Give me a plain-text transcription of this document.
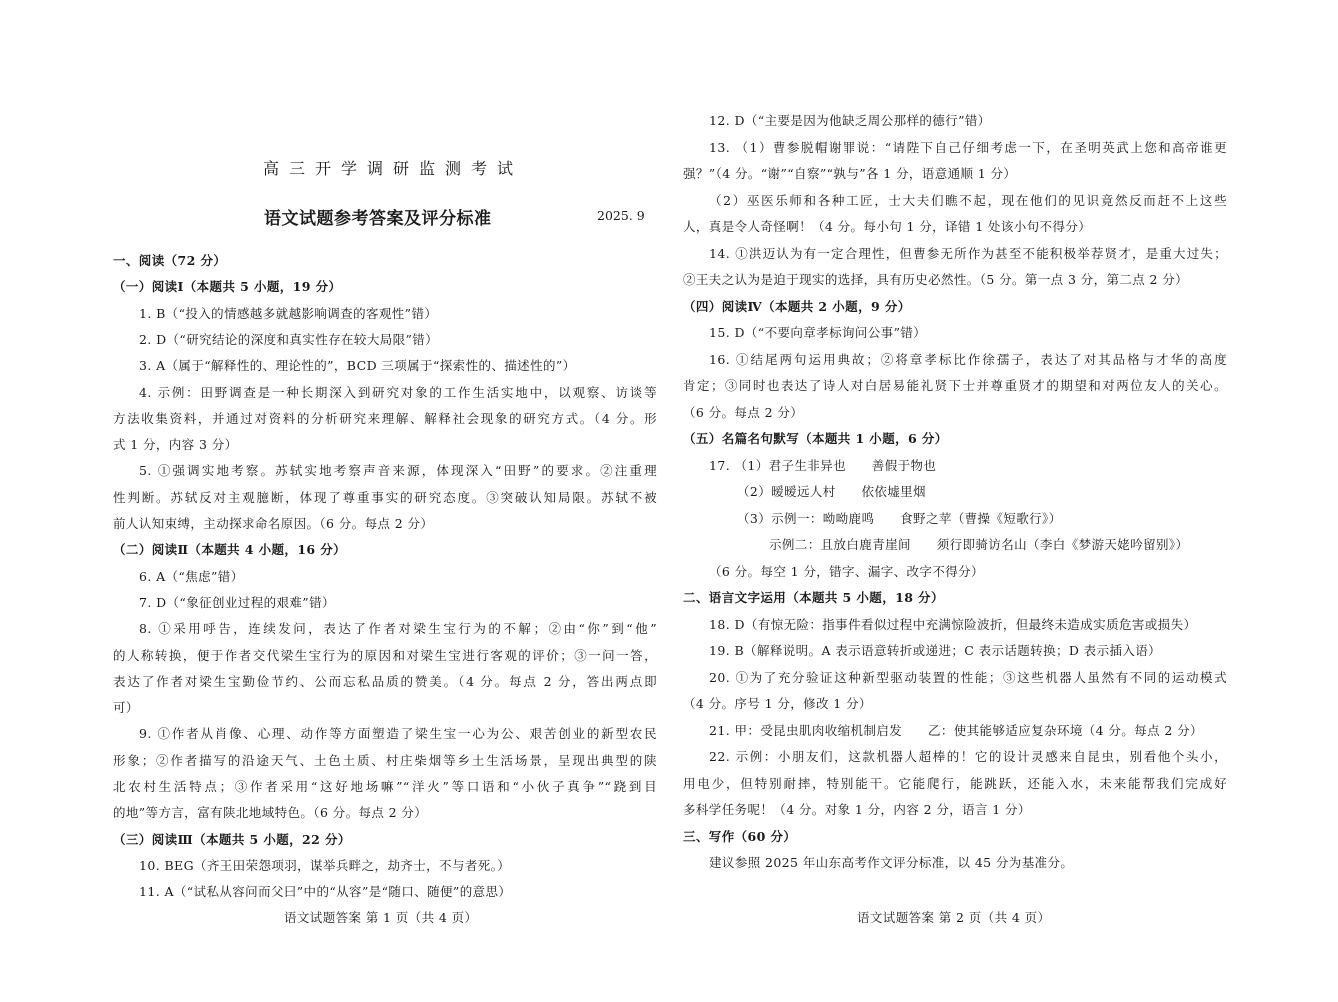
高三开学调研监测考试
语文试题参考答案及评分标准	2025. 9
一、阅读（72 分）
（一）阅读Ⅰ（本题共 5 小题，19 分）
1. B（“投入的情感越多就越影响调查的客观性”错）
2. D（“研究结论的深度和真实性存在较大局限”错）
3. A（属于“解释性的、理论性的”，BCD 三项属于“探索性的、描述性的”）
4. 示例：田野调查是一种长期深入到研究对象的工作生活实地中，以观察、访谈等
方法收集资料，并通过对资料的分析研究来理解、解释社会现象的研究方式。（4 分。形
式 1 分，内容 3 分）
5. ①强调实地考察。苏轼实地考察声音来源，体现深入“田野”的要求。②注重理
性判断。苏轼反对主观臆断，体现了尊重事实的研究态度。③突破认知局限。苏轼不被
前人认知束缚，主动探求命名原因。（6 分。每点 2 分）
（二）阅读Ⅱ（本题共 4 小题，16 分）
6. A（“焦虑”错）
7. D（“象征创业过程的艰难”错）
8. ①采用呼告，连续发问，表达了作者对梁生宝行为的不解；②由“你”到“他”
的人称转换，便于作者交代梁生宝行为的原因和对梁生宝进行客观的评价；③一问一答，
表达了作者对梁生宝勤俭节约、公而忘私品质的赞美。（4 分。每点 2 分，答出两点即
可）
9. ①作者从肖像、心理、动作等方面塑造了梁生宝一心为公、艰苦创业的新型农民
形象；②作者描写的沿途天气、土色土质、村庄柴烟等乡土生活场景，呈现出典型的陕
北农村生活特点；③作者采用“这好地场嘛”“洋火”等口语和“小伙子真争”“跷到目
的地”等方言，富有陕北地域特色。（6 分。每点 2 分）
（三）阅读Ⅲ（本题共 5 小题，22 分）
10. BEG（齐王田荣怨项羽，谋举兵畔之，劫齐士，不与者死。）
11. A（“试私从容问而父曰”中的“从容”是“随口、随便”的意思）
12. D（“主要是因为他缺乏周公那样的德行”错）
13. （1）曹参脱帽谢罪说：“请陛下自己仔细考虑一下，在圣明英武上您和高帝谁更
强？”（4 分。“谢”“自察”“孰与”各 1 分，语意通顺 1 分）
（2）巫医乐师和各种工匠，士大夫们瞧不起，现在他们的见识竟然反而赶不上这些
人，真是令人奇怪啊！（4 分。每小句 1 分，译错 1 处该小句不得分）
14. ①洪迈认为有一定合理性，但曹参无所作为甚至不能积极举荐贤才，是重大过失；
②王夫之认为是迫于现实的选择，具有历史必然性。（5 分。第一点 3 分，第二点 2 分）
（四）阅读Ⅳ（本题共 2 小题，9 分）
15. D（“不要向章孝标询问公事”错）
16. ①结尾两句运用典故；②将章孝标比作徐孺子，表达了对其品格与才华的高度
肯定；③同时也表达了诗人对白居易能礼贤下士并尊重贤才的期望和对两位友人的关心。
（6 分。每点 2 分）
（五）名篇名句默写（本题共 1 小题，6 分）
17. （1）君子生非异也　　善假于物也
（2）暧暧远人村　　依依墟里烟
（3）示例一：呦呦鹿鸣　　食野之苹（曹操《短歌行》）
示例二：且放白鹿青崖间　　须行即骑访名山（李白《梦游天姥吟留别》）
（6 分。每空 1 分，错字、漏字、改字不得分）
二、语言文字运用（本题共 5 小题，18 分）
18. D（有惊无险：指事件看似过程中充满惊险波折，但最终未造成实质危害或损失）
19. B（解释说明。A 表示语意转折或递进；C 表示话题转换；D 表示插入语）
20. ①为了充分验证这种新型驱动装置的性能；③这些机器人虽然有不同的运动模式
（4 分。序号 1 分，修改 1 分）
21. 甲：受昆虫肌肉收缩机制启发　　乙：使其能够适应复杂环境（4 分。每点 2 分）
22. 示例：小朋友们，这款机器人超棒的！它的设计灵感来自昆虫，别看他个头小，
用电少，但特别耐摔，特别能干。它能爬行，能跳跃，还能入水，未来能帮我们完成好
多科学任务呢！（4 分。对象 1 分，内容 2 分，语言 1 分）
三、写作（60 分）
建议参照 2025 年山东高考作文评分标准，以 45 分为基准分。
语文试题答案 第 1 页（共 4 页）	语文试题答案 第 2 页（共 4 页）
